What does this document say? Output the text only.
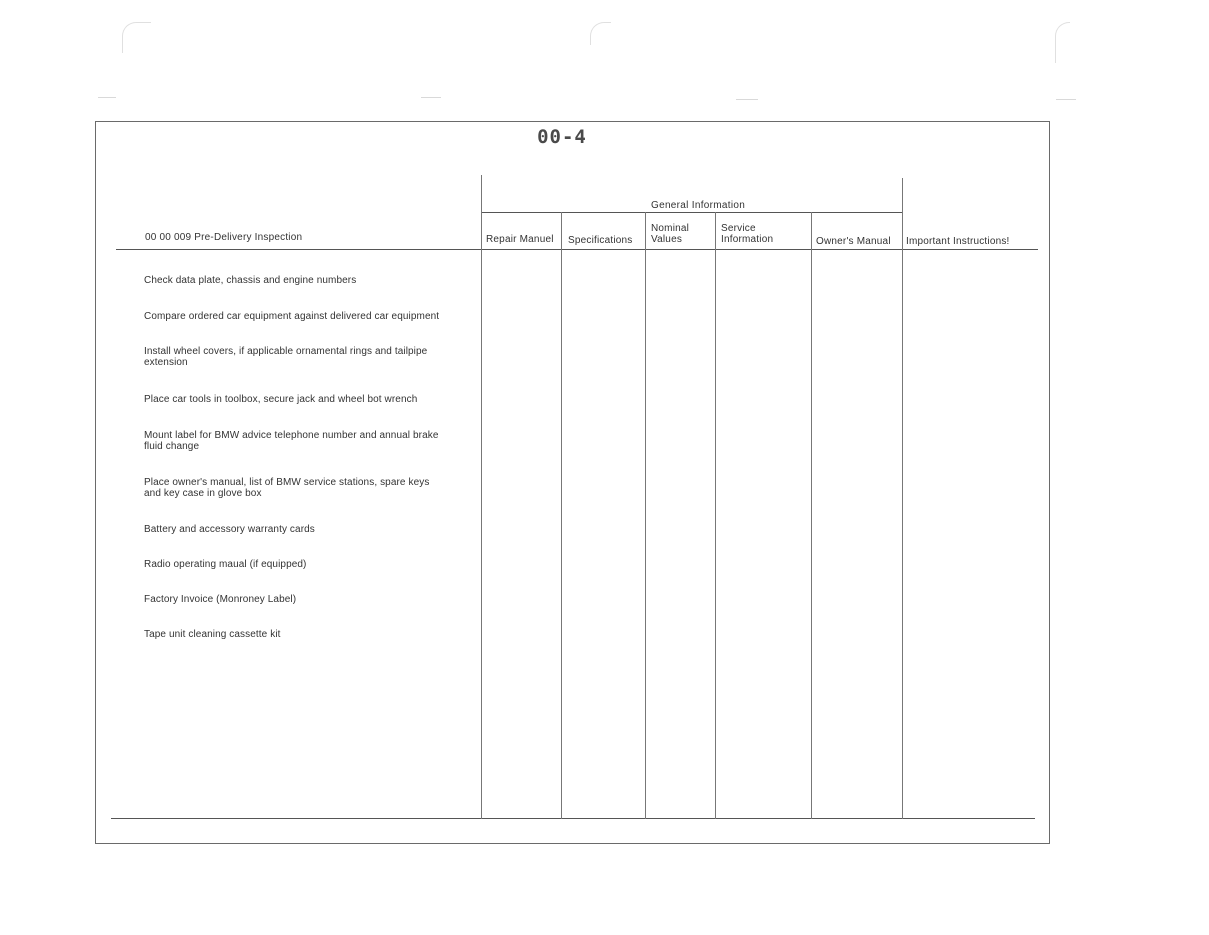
00-4
General Information
00 00 009 Pre-Delivery Inspection	Repair Manuel Specifications
Nominal Values
Service Information	Owner's Manual Important Instructions!
Check data plate, chassis and engine numbers
Compare ordered car equipment against delivered car equipment
Install wheel covers, if applicable ornamental rings and tailpipe extension
Place car tools in toolbox, secure jack and wheel bot wrench
Mount label for BMW advice telephone number and annual brake fluid change
Place owner's manual, list of BMW service stations, spare keys and key case in glove box
Battery and accessory warranty cards
Radio operating maual (if equipped)
Factory Invoice (Monroney Label)
Tape unit cleaning cassette kit
